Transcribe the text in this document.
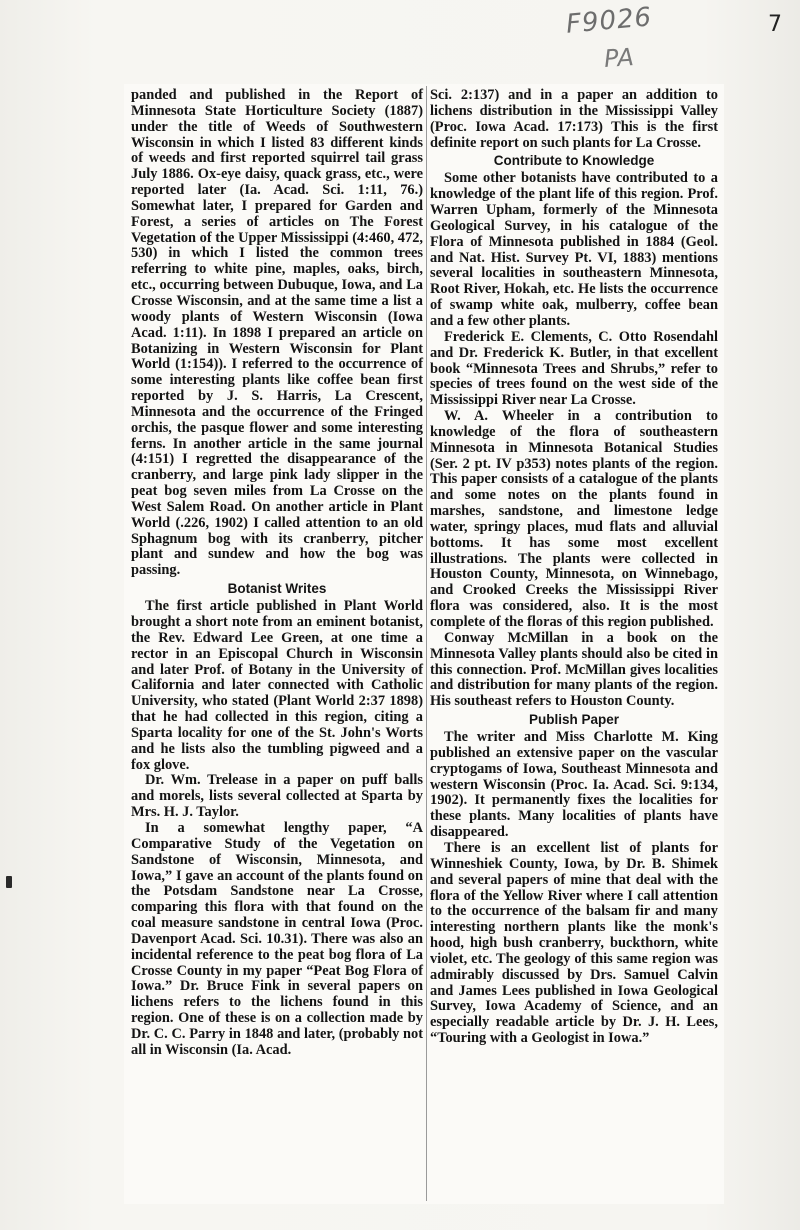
F9026
PA
7

panded and published in the Report of Minnesota State Horticulture Society (1887) under the title of Weeds of Southwestern Wisconsin in which I listed 83 different kinds of weeds and first reported squirrel tail grass July 1886. Ox-eye daisy, quack grass, etc., were reported later (Ia. Acad. Sci. 1:11, 76.) Somewhat later, I prepared for Garden and Forest, a series of articles on The Forest Vegetation of the Upper Mississippi (4:460, 472, 530) in which I listed the common trees referring to white pine, maples, oaks, birch, etc., occurring between Dubuque, Iowa, and La Crosse Wisconsin, and at the same time a list a woody plants of Western Wisconsin (Iowa Acad. 1:11). In 1898 I prepared an article on Botanizing in Western Wisconsin for Plant World (1:154)). I referred to the occurrence of some interesting plants like coffee bean first reported by J. S. Harris, La Crescent, Minnesota and the occurrence of the Fringed orchis, the pasque flower and some interesting ferns. In another article in the same journal (4:151) I regretted the disappearance of the cranberry, and large pink lady slipper in the peat bog seven miles from La Crosse on the West Salem Road. On another article in Plant World (.226, 1902) I called attention to an old Sphagnum bog with its cranberry, pitcher plant and sundew and how the bog was passing.

Botanist Writes

The first article published in Plant World brought a short note from an eminent botanist, the Rev. Edward Lee Green, at one time a rector in an Episcopal Church in Wisconsin and later Prof. of Botany in the University of California and later connected with Catholic University, who stated (Plant World 2:37 1898) that he had collected in this region, citing a Sparta locality for one of the St. John's Worts and he lists also the tumbling pigweed and a fox glove.

Dr. Wm. Trelease in a paper on puff balls and morels, lists several collected at Sparta by Mrs. H. J. Taylor.

In a somewhat lengthy paper, “A Comparative Study of the Vegetation on Sandstone of Wisconsin, Minnesota, and Iowa,” I gave an account of the plants found on the Potsdam Sandstone near La Crosse, comparing this flora with that found on the coal measure sandstone in central Iowa (Proc. Davenport Acad. Sci. 10.31). There was also an incidental reference to the peat bog flora of La Crosse County in my paper “Peat Bog Flora of Iowa.” Dr. Bruce Fink in several papers on lichens refers to the lichens found in this region. One of these is on a collection made by Dr. C. C. Parry in 1848 and later, (probably not all in Wisconsin (Ia. Acad.

Sci. 2:137) and in a paper an addition to lichens distribution in the Mississippi Valley (Proc. Iowa Acad. 17:173) This is the first definite report on such plants for La Crosse.

Contribute to Knowledge

Some other botanists have contributed to a knowledge of the plant life of this region. Prof. Warren Upham, formerly of the Minnesota Geological Survey, in his catalogue of the Flora of Minnesota published in 1884 (Geol. and Nat. Hist. Survey Pt. VI, 1883) mentions several localities in southeastern Minnesota, Root River, Hokah, etc. He lists the occurrence of swamp white oak, mulberry, coffee bean and a few other plants.

Frederick E. Clements, C. Otto Rosendahl and Dr. Frederick K. Butler, in that excellent book “Minnesota Trees and Shrubs,” refer to species of trees found on the west side of the Mississippi River near La Crosse.

W. A. Wheeler in a contribution to knowledge of the flora of southeastern Minnesota in Minnesota Botanical Studies (Ser. 2 pt. IV p353) notes plants of the region. This paper consists of a catalogue of the plants and some notes on the plants found in marshes, sandstone, and limestone ledge water, springy places, mud flats and alluvial bottoms. It has some most excellent illustrations. The plants were collected in Houston County, Minnesota, on Winnebago, and Crooked Creeks the Mississippi River flora was considered, also. It is the most complete of the floras of this region published.

Conway McMillan in a book on the Minnesota Valley plants should also be cited in this connection. Prof. McMillan gives localities and distribution for many plants of the region. His southeast refers to Houston County.

Publish Paper

The writer and Miss Charlotte M. King published an extensive paper on the vascular cryptogams of Iowa, Southeast Minnesota and western Wisconsin (Proc. Ia. Acad. Sci. 9:134, 1902). It permanently fixes the localities for these plants. Many localities of plants have disappeared.

There is an excellent list of plants for Winneshiek County, Iowa, by Dr. B. Shimek and several papers of mine that deal with the flora of the Yellow River where I call attention to the occurrence of the balsam fir and many interesting northern plants like the monk's hood, high bush cranberry, buckthorn, white violet, etc. The geology of this same region was admirably discussed by Drs. Samuel Calvin and James Lees published in Iowa Geological Survey, Iowa Academy of Science, and an especially readable article by Dr. J. H. Lees, “Touring with a Geologist in Iowa.”
